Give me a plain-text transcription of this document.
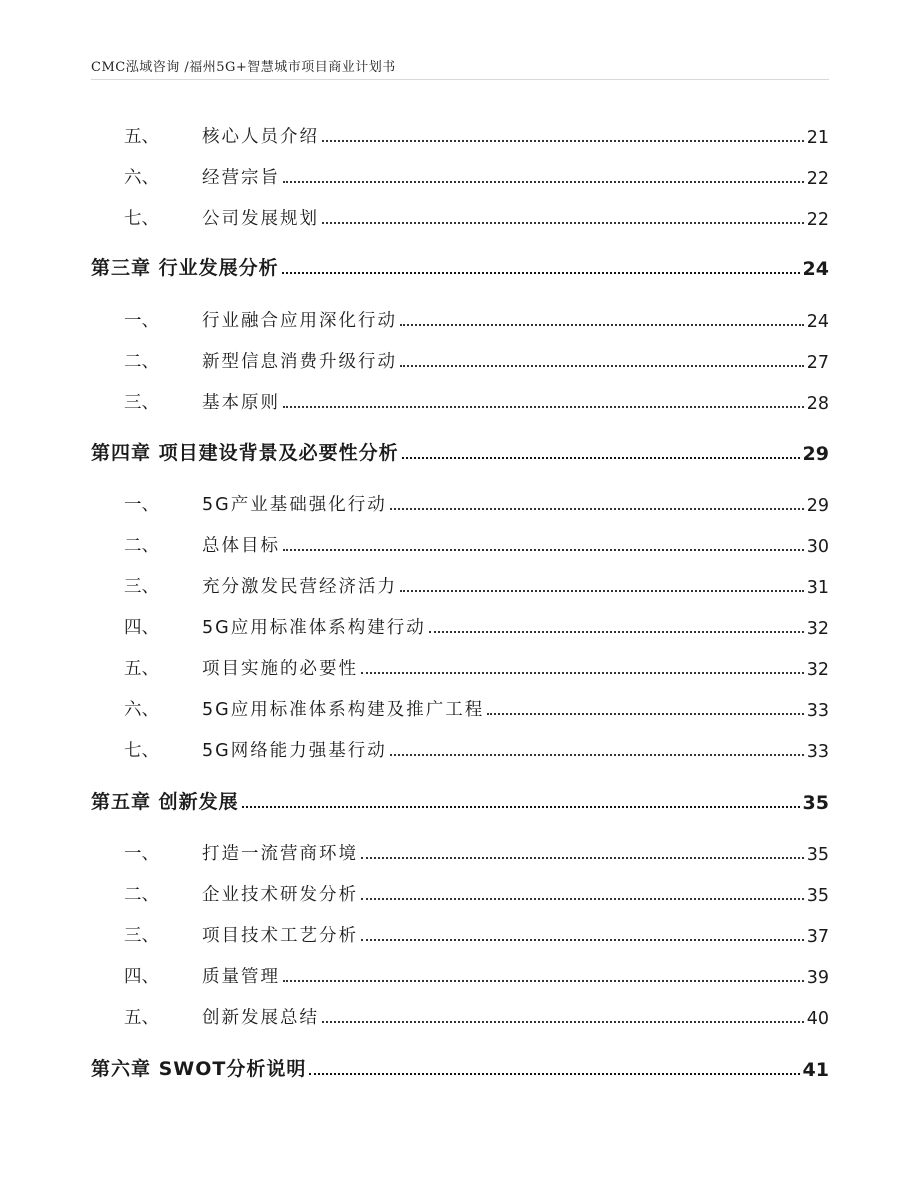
CMC泓域咨询 /福州5G+智慧城市项目商业计划书
五、	核心人员介绍	21
六、	经营宗旨	22
七、	公司发展规划	22
第三章 行业发展分析	24
一、	行业融合应用深化行动	24
二、	新型信息消费升级行动	27
三、	基本原则	28
第四章 项目建设背景及必要性分析	29
一、	5G产业基础强化行动	29
二、	总体目标	30
三、	充分激发民营经济活力	31
四、	5G应用标准体系构建行动	32
五、	项目实施的必要性	32
六、	5G应用标准体系构建及推广工程	33
七、	5G网络能力强基行动	33
第五章 创新发展	35
一、	打造一流营商环境	35
二、	企业技术研发分析	35
三、	项目技术工艺分析	37
四、	质量管理	39
五、	创新发展总结	40
第六章 SWOT分析说明	41
